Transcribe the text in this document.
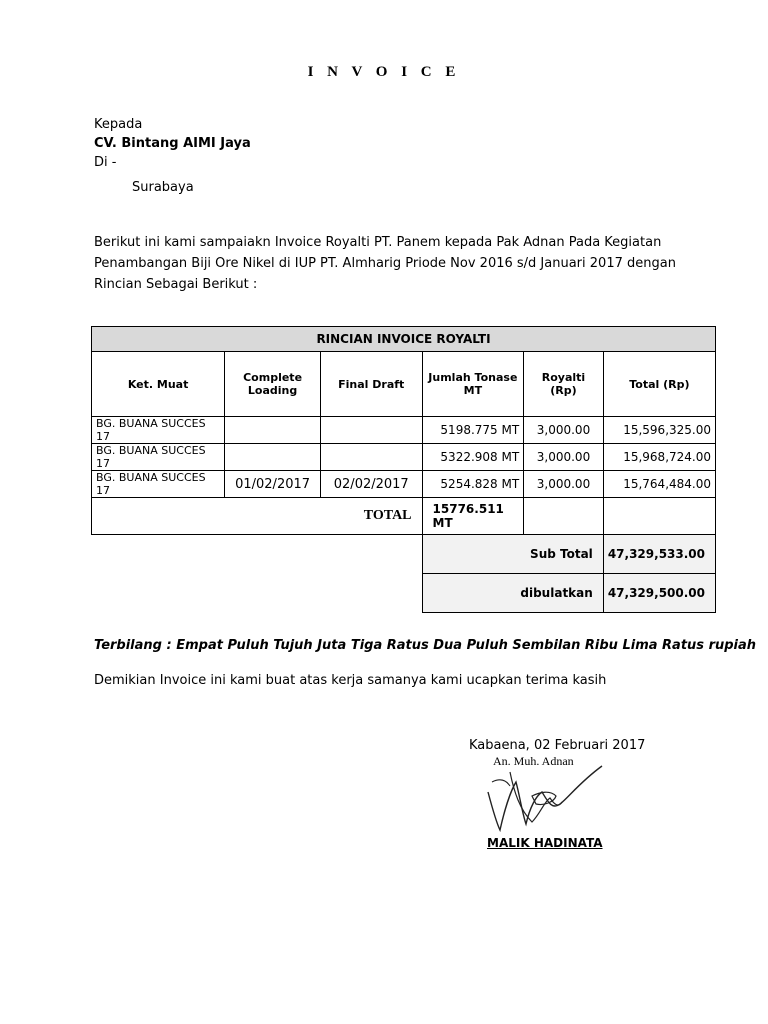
I N V O I C E
Kepada
CV. Bintang AIMI Jaya
Di -
Surabaya
Berikut ini kami sampaiakn Invoice Royalti PT. Panem kepada Pak Adnan Pada Kegiatan
Penambangan Biji Ore Nikel di IUP PT. Almharig Priode Nov 2016 s/d Januari 2017 dengan
Rincian Sebagai Berikut :
RINCIAN INVOICE ROYALTI					
Ket. Muat	Complete Loading	Final Draft	Jumlah Tonase MT	Royalti (Rp)	Total (Rp)
BG. BUANA SUCCES 17			5198.775 MT	3,000.00	15,596,325.00
BG. BUANA SUCCES 17			5322.908 MT	3,000.00	15,968,724.00
BG. BUANA SUCCES 17	01/02/2017	02/02/2017	5254.828 MT	3,000.00	15,764,484.00
TOTAL			15776.511 MT		
			Sub Total		47,329,533.00
			dibulatkan		47,329,500.00
Terbilang : Empat Puluh Tujuh Juta Tiga Ratus Dua Puluh Sembilan Ribu Lima Ratus rupiah
Demikian Invoice ini kami buat atas kerja samanya kami ucapkan terima kasih
Kabaena, 02 Februari 2017
An. Muh. Adnan
MALIK HADINATA
